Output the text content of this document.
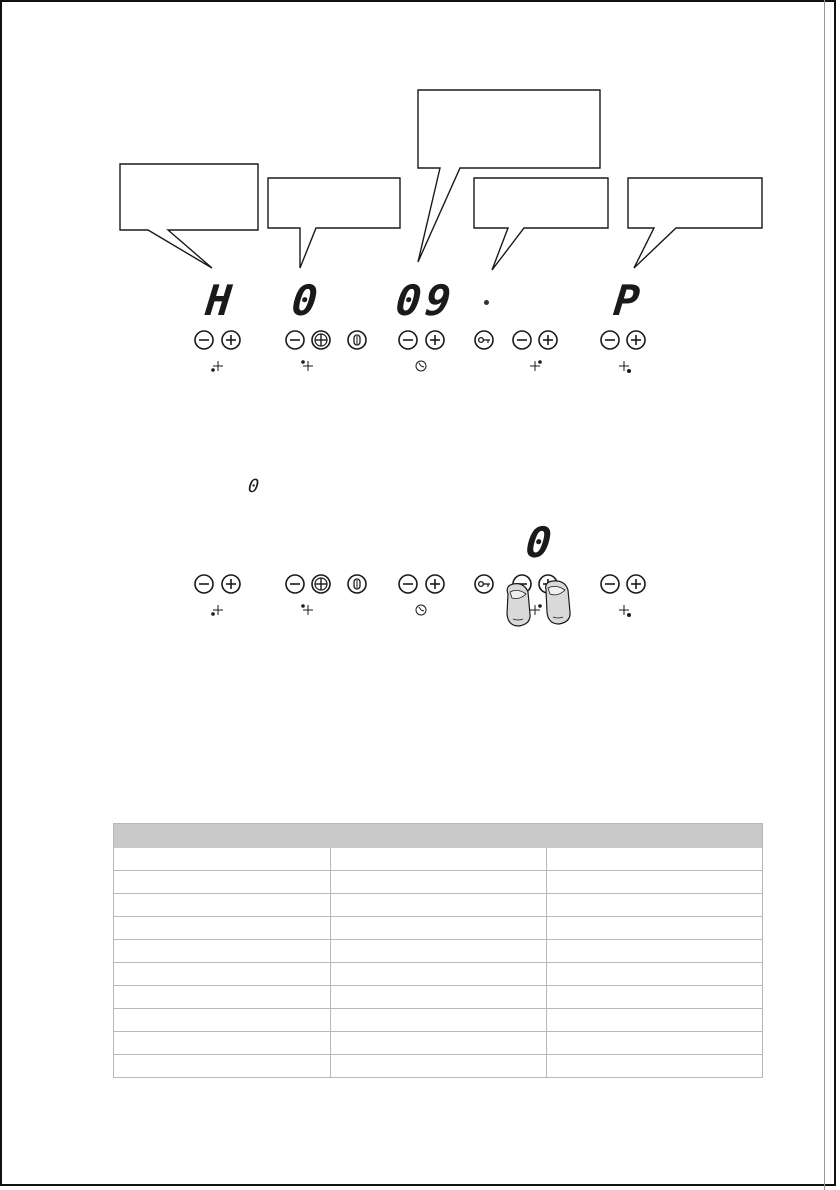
H 0 09	P
0
0
